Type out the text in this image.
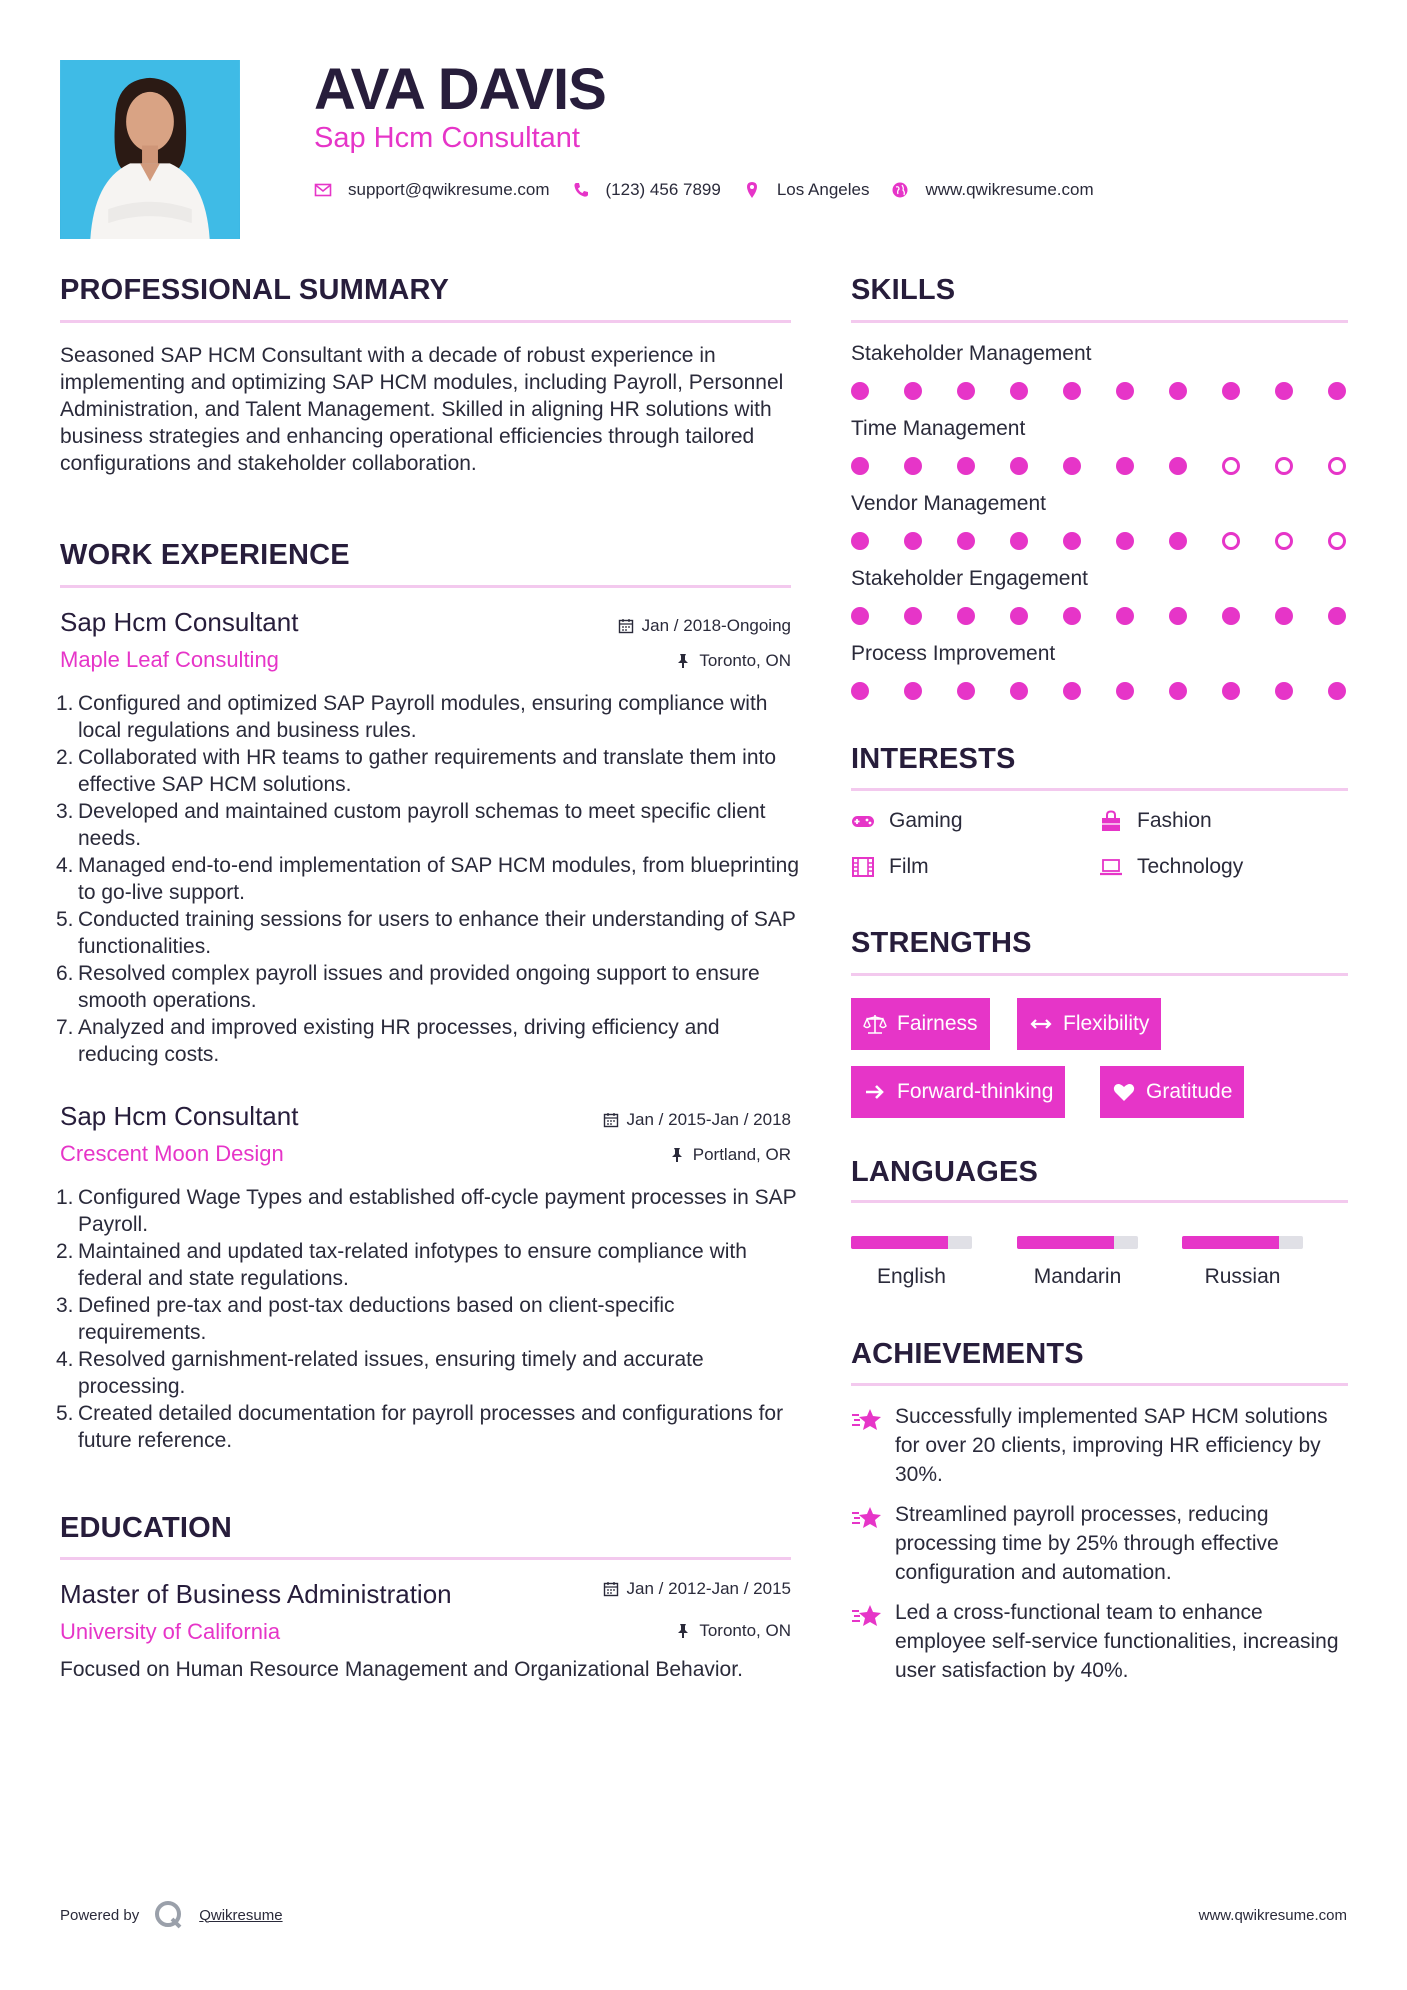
AVA DAVIS
Sap Hcm Consultant
support@qwikresume.com	(123) 456 7899	Los Angeles	www.qwikresume.com
PROFESSIONAL SUMMARY
Seasoned SAP HCM Consultant with a decade of robust experience in implementing and optimizing SAP HCM modules, including Payroll, Personnel Administration, and Talent Management. Skilled in aligning HR solutions with business strategies and enhancing operational efficiencies through tailored configurations and stakeholder collaboration.
WORK EXPERIENCE
Sap Hcm Consultant
Maple Leaf Consulting
Jan / 2018-Ongoing
Toronto, ON
1. Configured and optimized SAP Payroll modules, ensuring compliance with local regulations and business rules.
2. Collaborated with HR teams to gather requirements and translate them into effective SAP HCM solutions.
3. Developed and maintained custom payroll schemas to meet specific client needs.
4. Managed end-to-end implementation of SAP HCM modules, from blueprinting to go-live support.
5. Conducted training sessions for users to enhance their understanding of SAP functionalities.
6. Resolved complex payroll issues and provided ongoing support to ensure smooth operations.
7. Analyzed and improved existing HR processes, driving efficiency and reducing costs.
Sap Hcm Consultant
Crescent Moon Design
Jan / 2015-Jan / 2018
Portland, OR
1. Configured Wage Types and established off-cycle payment processes in SAP Payroll.
2. Maintained and updated tax-related infotypes to ensure compliance with federal and state regulations.
3. Defined pre-tax and post-tax deductions based on client-specific requirements.
4. Resolved garnishment-related issues, ensuring timely and accurate processing.
5. Created detailed documentation for payroll processes and configurations for future reference.
EDUCATION
Master of Business Administration
University of California
Jan / 2012-Jan / 2015
Toronto, ON
Focused on Human Resource Management and Organizational Behavior.
SKILLS
Stakeholder Management
Time Management
Vendor Management
Stakeholder Engagement
Process Improvement
INTERESTS
Gaming	Fashion
Film	Technology
STRENGTHS
Fairness	Flexibility
Forward-thinking	Gratitude
LANGUAGES
English	Mandarin	Russian
ACHIEVEMENTS
Successfully implemented SAP HCM solutions for over 20 clients, improving HR efficiency by 30%.
Streamlined payroll processes, reducing processing time by 25% through effective configuration and automation.
Led a cross-functional team to enhance employee self-service functionalities, increasing user satisfaction by 40%.
Powered by	Qwikresume	www.qwikresume.com
